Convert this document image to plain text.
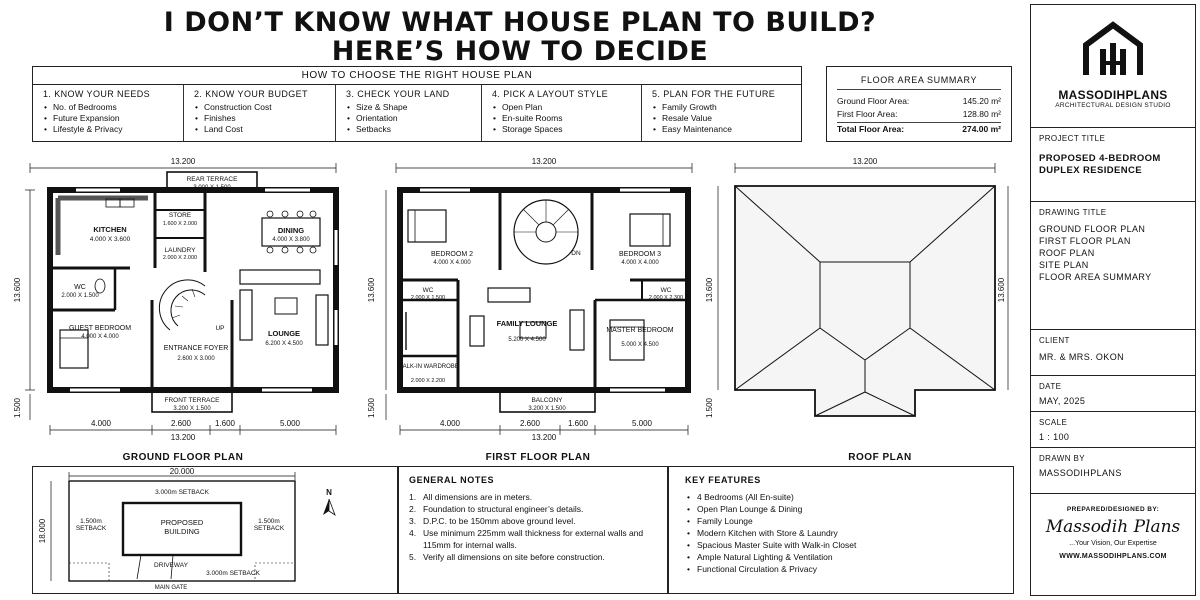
I DON’T KNOW WHAT HOUSE PLAN TO BUILD?
HERE’S HOW TO DECIDE
HOW TO CHOOSE THE RIGHT HOUSE PLAN
1. KNOW YOUR NEEDS
• No. of Bedrooms
• Future Expansion
• Lifestyle & Privacy
2. KNOW YOUR BUDGET
• Construction Cost
• Finishes
• Land Cost
3. CHECK YOUR LAND
• Size & Shape
• Orientation
• Setbacks
4. PICK A LAYOUT STYLE
• Open Plan
• En-suite Rooms
• Storage Spaces
5. PLAN FOR THE FUTURE
• Family Growth
• Resale Value
• Easy Maintenance
FLOOR AREA SUMMARY
Ground Floor Area:	145.20 m²
First Floor Area:	128.80 m²
Total Floor Area:	274.00 m²
13.200
13.600
1.500
4.000	2.600	1.600	5.000
13.200
REAR TERRACE
3.000 X 1.500
KITCHEN
4.000 X 3.600
STORE
1.600 X 2.000
LAUNDRY
2.000 X 2.000
DINING
4.000 X 3.800
WC
2.000 X 1.500
GUEST BEDROOM
4.000 X 4.000
ENTRANCE FOYER
2.600 X 3.000
LOUNGE
6.200 X 4.500
FRONT TERRACE
3.200 X 1.500
UP
GROUND FLOOR PLAN
13.200
13.600
1.500
4.000	2.600	1.600	5.000
13.200
BEDROOM 2
4.000 X 4.000
BEDROOM 3
4.000 X 4.000
WC
2.000 X 1.500
WC
2.000 X 2.300
FAMILY LOUNGE
5.200 X 4.500
MASTER BEDROOM
5.000 X 4.500
WALK-IN WARDROBE
2.000 X 2.200
BALCONY
3.200 X 1.500
DN
FIRST FLOOR PLAN
13.200
13.600	13.600
1.500
ROOF PLAN
20.000
18.000
3.000m SETBACK
1.500m
SETBACK
1.500m
SETBACK
PROPOSED
BUILDING
DRIVEWAY
3.000m SETBACK
MAIN GATE
N
GENERAL NOTES
1. All dimensions are in meters.
2. Foundation to structural engineer’s details.
3. D.P.C. to be 150mm above ground level.
4. Use minimum 225mm wall thickness for external walls and 115mm for internal walls.
5. Verify all dimensions on site before construction.
KEY FEATURES
• 4 Bedrooms (All En-suite)
• Open Plan Lounge & Dining
• Family Lounge
• Modern Kitchen with Store & Laundry
• Spacious Master Suite with Walk-in Closet
• Ample Natural Lighting & Ventilation
• Functional Circulation & Privacy
MASSODIHPLANS
ARCHITECTURAL DESIGN STUDIO
PROJECT TITLE
PROPOSED 4-BEDROOM
DUPLEX RESIDENCE
DRAWING TITLE
GROUND FLOOR PLAN
FIRST FLOOR PLAN
ROOF PLAN
SITE PLAN
FLOOR AREA SUMMARY
CLIENT
MR. & MRS. OKON
DATE
MAY, 2025
SCALE
1 : 100
DRAWN BY
MASSODIHPLANS
PREPARED/DESIGNED BY:
Massodih Plans
...Your Vision, Our Expertise
WWW.MASSODIHPLANS.COM
